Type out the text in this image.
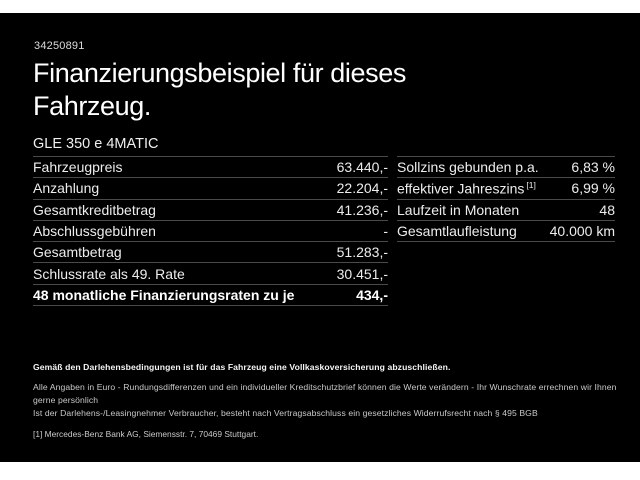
34250891
Finanzierungsbeispiel für dieses
Fahrzeug.
GLE 350 e 4MATIC
Fahrzeugpreis	63.440,-
Anzahlung	22.204,-
Gesamtkreditbetrag	41.236,-
Abschlussgebühren	-
Gesamtbetrag	51.283,-
Schlussrate als 49. Rate	30.451,-
48 monatliche Finanzierungsraten zu je	434,-
Sollzins gebunden p.a. 6,83 %
effektiver Jahreszins [1]	6,99 %
Laufzeit in Monaten	48
Gesamtlaufleistung 40.000 km
Gemäß den Darlehensbedingungen ist für das Fahrzeug eine Vollkaskoversicherung abzuschließen.
Alle Angaben in Euro - Rundungsdifferenzen und ein individueller Kreditschutzbrief können die Werte verändern - Ihr Wunschrate errechnen wir Ihnen gerne persönlich
Ist der Darlehens-/Leasingnehmer Verbraucher, besteht nach Vertragsabschluss ein gesetzliches Widerrufsrecht nach § 495 BGB
[1] Mercedes-Benz Bank AG, Siemensstr. 7, 70469 Stuttgart.
